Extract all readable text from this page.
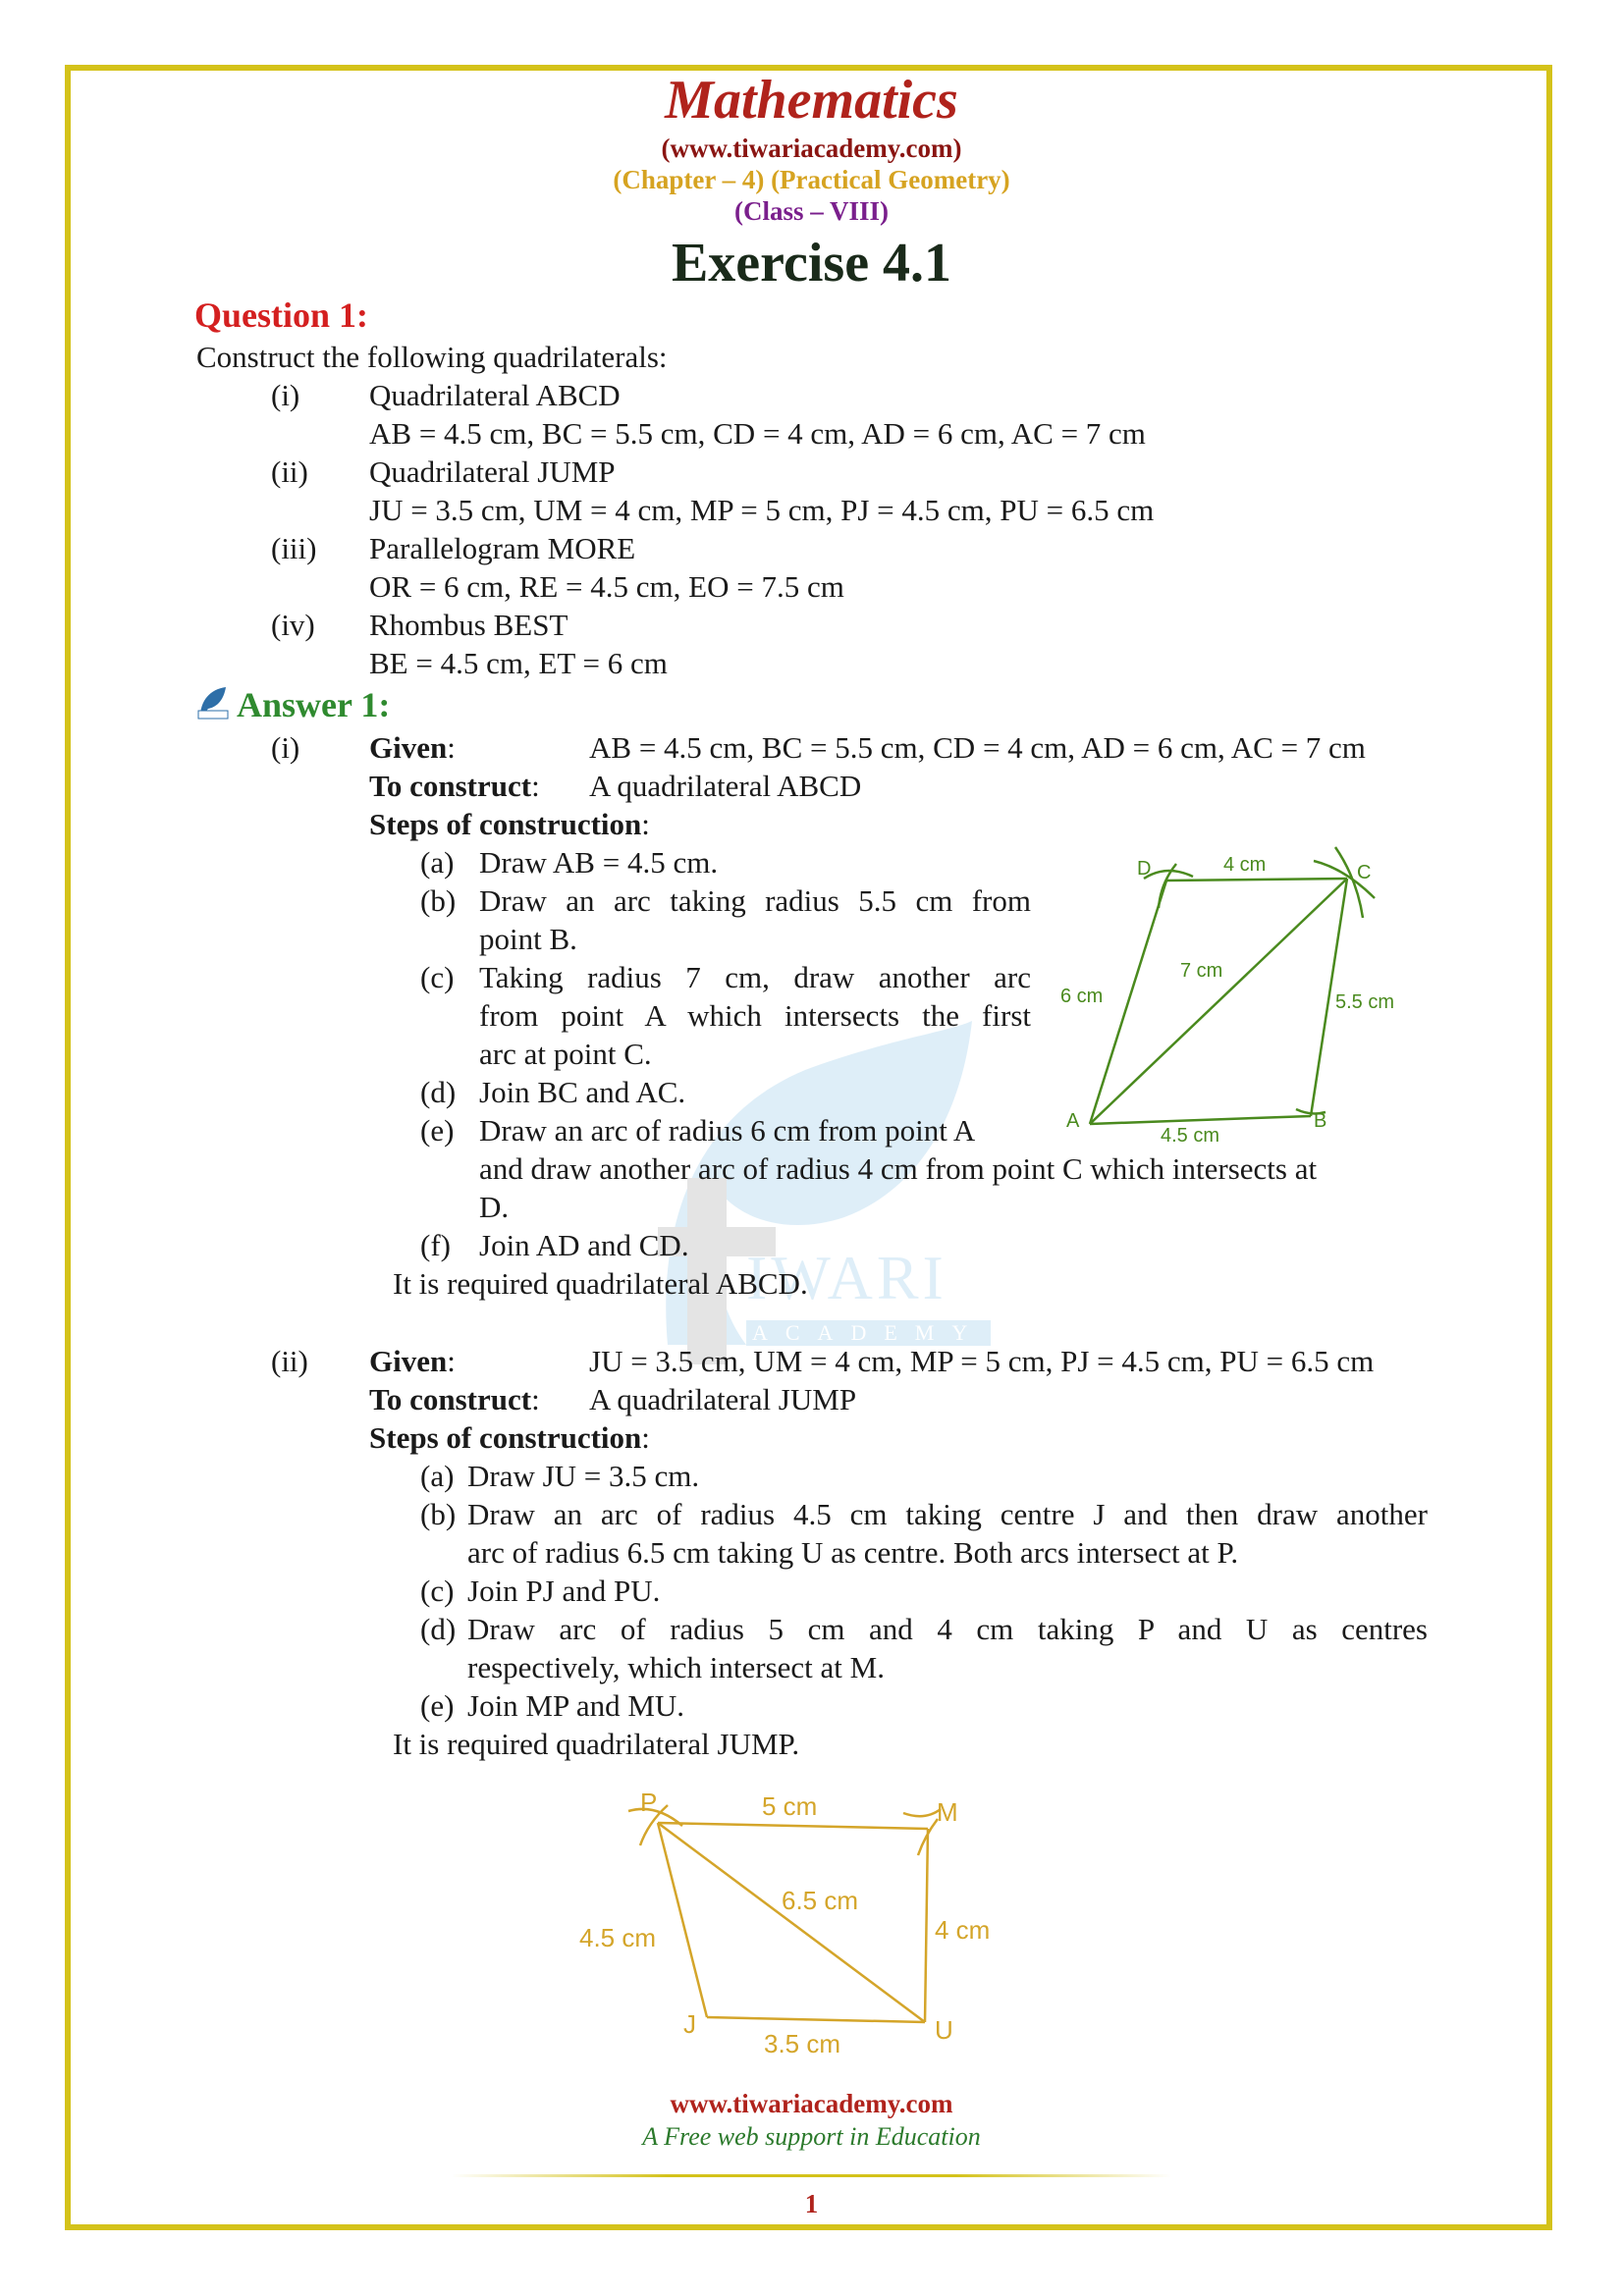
IWARI
ACADEMY
Mathematics
(www.tiwariacademy.com)
(Chapter – 4) (Practical Geometry)
(Class – VIII)
Exercise 4.1
Question 1:
Construct the following quadrilaterals:
(i) Quadrilateral ABCD
AB = 4.5 cm, BC = 5.5 cm, CD = 4 cm, AD = 6 cm, AC = 7 cm
(ii) Quadrilateral JUMP
JU = 3.5 cm, UM = 4 cm, MP = 5 cm, PJ = 4.5 cm, PU = 6.5 cm
(iii) Parallelogram MORE
OR = 6 cm, RE = 4.5 cm, EO = 7.5 cm
(iv) Rhombus BEST
BE = 4.5 cm, ET = 6 cm
Answer 1:
(i) Given:	AB = 4.5 cm, BC = 5.5 cm, CD = 4 cm, AD = 6 cm, AC = 7 cm
To construct: A quadrilateral ABCD
Steps of construction:
(a) Draw AB = 4.5 cm.
(b) Draw an arc taking radius 5.5 cm from
point B.
(c) Taking radius 7 cm, draw another arc
from point A which intersects the first
arc at point C.
(d) Join BC and AC.
(e) Draw an arc of radius 6 cm from point A
and draw another arc of radius 4 cm from point C which intersects at
D.
(f) Join AD and CD.
It is required quadrilateral ABCD.
A	B
C
D
4.5 cm
5.5 cm
4 cm
6 cm
7 cm
(ii) Given:	JU = 3.5 cm, UM = 4 cm, MP = 5 cm, PJ = 4.5 cm, PU = 6.5 cm
To construct: A quadrilateral JUMP
Steps of construction:
(a) Draw JU = 3.5 cm.
(b) Draw an arc of radius 4.5 cm taking centre J and then draw another
arc of radius 6.5 cm taking U as centre. Both arcs intersect at P.
(c) Join PJ and PU.
(d) Draw arc of radius 5 cm and 4 cm taking P and U as centres
respectively, which intersect at M.
(e) Join MP and MU.
It is required quadrilateral JUMP.
P	M
J	U
5 cm
6.5 cm
4.5 cm	4 cm
3.5 cm
www.tiwariacademy.com
A Free web support in Education
1
